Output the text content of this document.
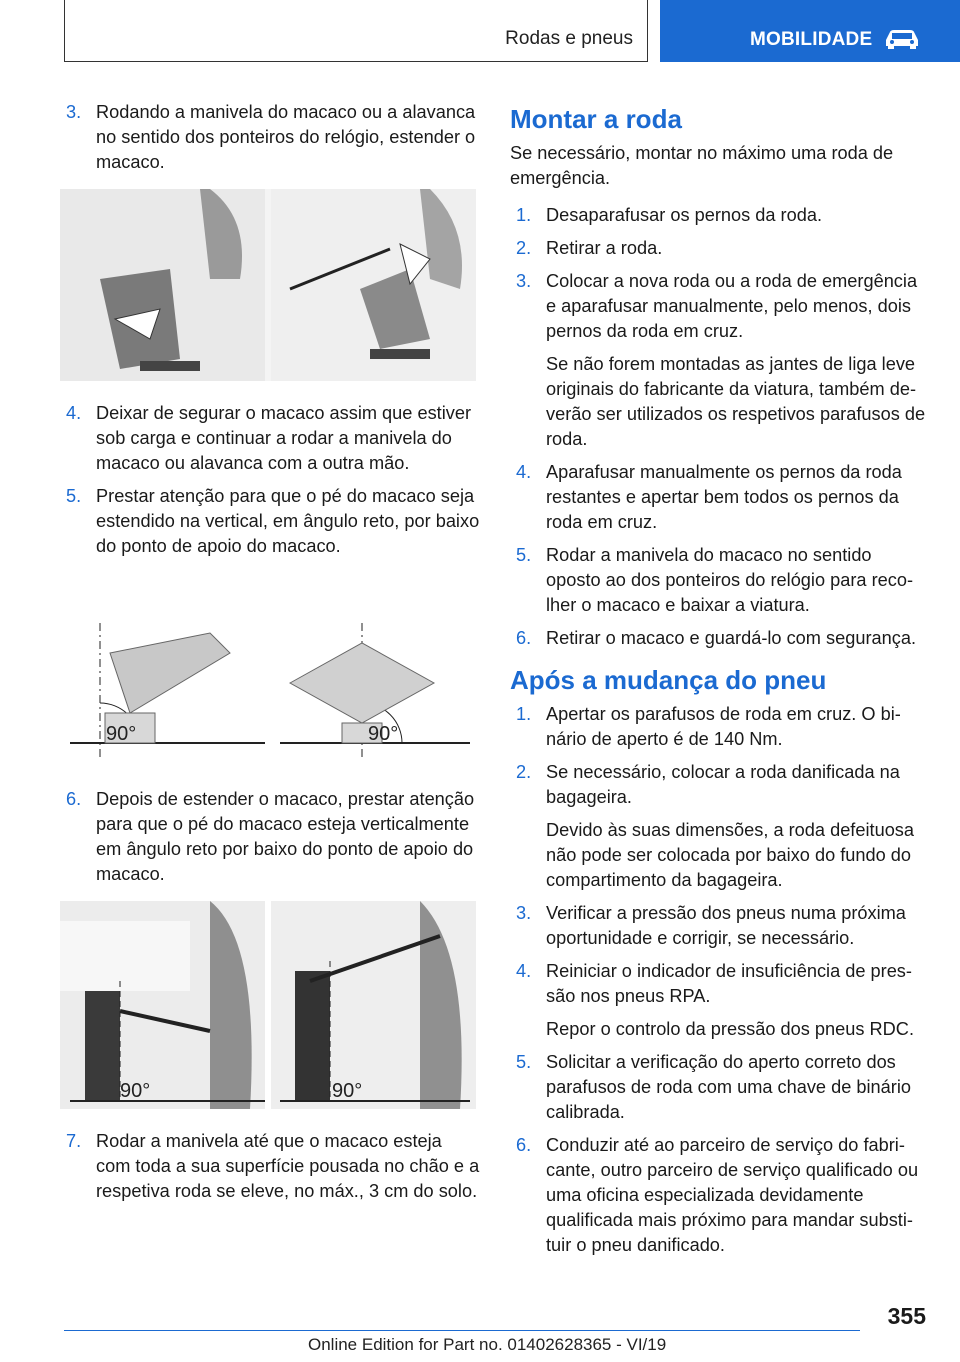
Rodas e pneus	MOBILIDADE
3. Rodando a manivela do macaco ou a alavanca no sentido dos ponteiros do relógio, estender o macaco.
4. Deixar de segurar o macaco assim que estiver sob carga e continuar a rodar a manivela do macaco ou alavanca com a outra mão.
5. Prestar atenção para que o pé do macaco seja estendido na vertical, em ângulo reto, por baixo do ponto de apoio do macaco.
90°	90°
6. Depois de estender o macaco, prestar atenção para que o pé do macaco esteja verticalmente em ângulo reto por baixo do ponto de apoio do macaco.
90°	90°
7. Rodar a manivela até que o macaco esteja com toda a sua superfície pousada no chão e a respetiva roda se eleve, no máx., 3 cm do solo.
Montar a roda
Se necessário, montar no máximo uma roda de emergência.
1. Desaparafusar os pernos da roda.
2. Retirar a roda.
3. Colocar a nova roda ou a roda de emergência e aparafusar manualmente, pelo menos, dois pernos da roda em cruz.
Se não forem montadas as jantes de liga leve originais do fabricante da viatura, também deverão ser utilizados os respetivos parafusos de roda.
4. Aparafusar manualmente os pernos da roda restantes e apertar bem todos os pernos da roda em cruz.
5. Rodar a manivela do macaco no sentido oposto ao dos ponteiros do relógio para recolher o macaco e baixar a viatura.
6. Retirar o macaco e guardá-lo com segurança.
Após a mudança do pneu
1. Apertar os parafusos de roda em cruz. O binário de aperto é de 140 Nm.
2. Se necessário, colocar a roda danificada na bagageira.
Devido às suas dimensões, a roda defeituosa não pode ser colocada por baixo do fundo do compartimento da bagageira.
3. Verificar a pressão dos pneus numa próxima oportunidade e corrigir, se necessário.
4. Reiniciar o indicador de insuficiência de pressão nos pneus RPA.
Repor o controlo da pressão dos pneus RDC.
5. Solicitar a verificação do aperto correto dos parafusos de roda com uma chave de binário calibrada.
6. Conduzir até ao parceiro de serviço do fabricante, outro parceiro de serviço qualificado ou uma oficina especializada devidamente qualificada mais próximo para mandar substituir o pneu danificado.
355
Online Edition for Part no. 01402628365 - VI/19
